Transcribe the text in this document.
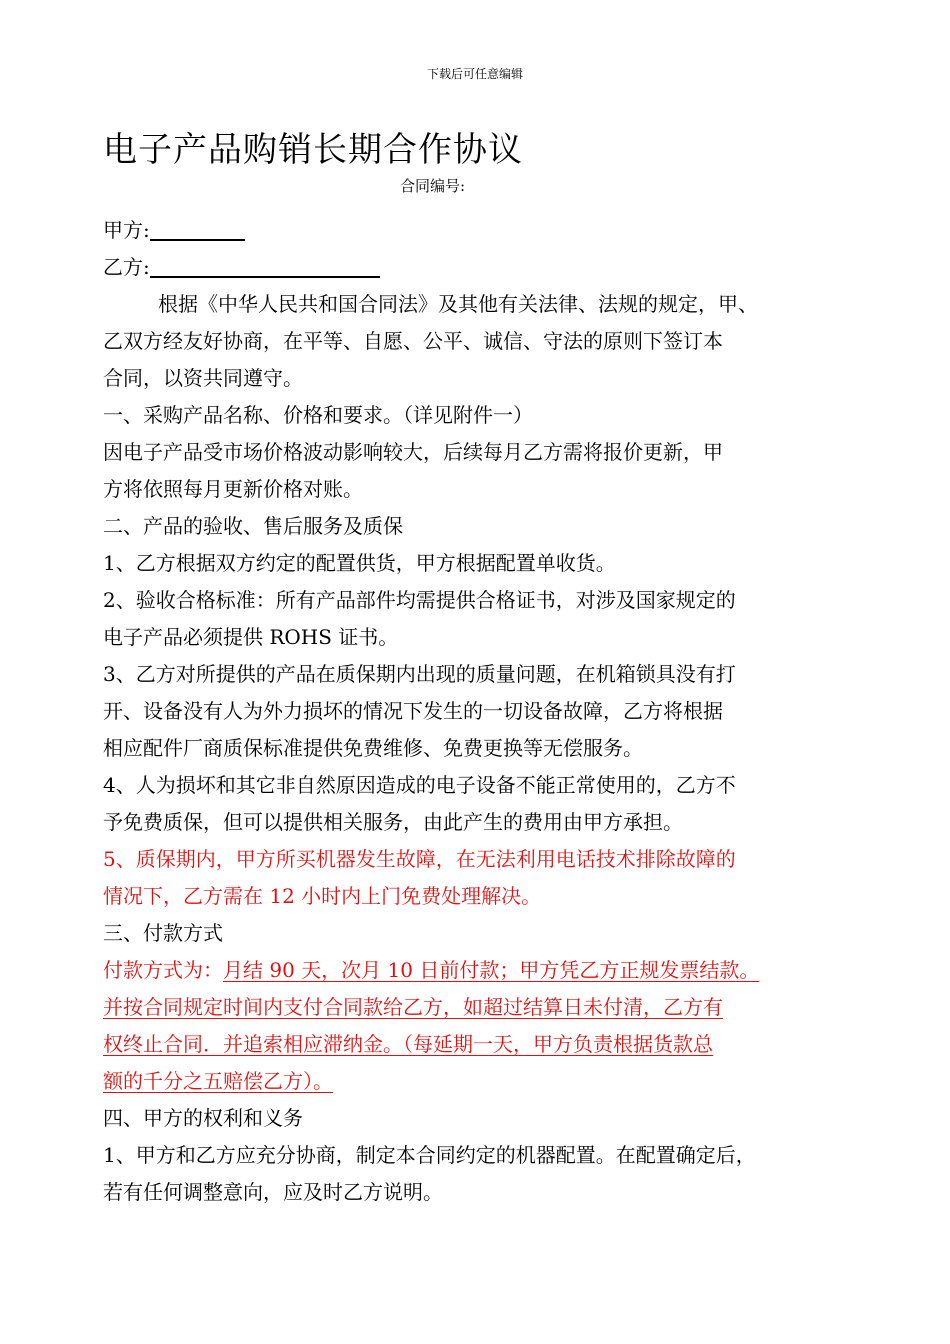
下载后可任意编辑
电子产品购销长期合作协议
合同编号:
甲方:
乙方:
根据《中华人民共和国合同法》及其他有关法律、法规的规定，甲、
乙双方经友好协商，在平等、自愿、公平、诚信、守法的原则下签订本
合同，以资共同遵守。
一、采购产品名称、价格和要求。（详见附件一）
因电子产品受市场价格波动影响较大，后续每月乙方需将报价更新，甲
方将依照每月更新价格对账。
二、产品的验收、售后服务及质保
1、乙方根据双方约定的配置供货，甲方根据配置单收货。
2、验收合格标准：所有产品部件均需提供合格证书，对涉及国家规定的
电子产品必须提供 ROHS 证书。
3、乙方对所提供的产品在质保期内出现的质量问题，在机箱锁具没有打
开、设备没有人为外力损坏的情况下发生的一切设备故障，乙方将根据
相应配件厂商质保标准提供免费维修、免费更换等无偿服务。
4、人为损坏和其它非自然原因造成的电子设备不能正常使用的，乙方不
予免费质保，但可以提供相关服务，由此产生的费用由甲方承担。
5、质保期内，甲方所买机器发生故障，在无法利用电话技术排除故障的
情况下，乙方需在 12 小时内上门免费处理解决。
三、付款方式
付款方式为：月结 90 天，次月 10 日前付款；甲方凭乙方正规发票结款。
并按合同规定时间内支付合同款给乙方，如超过结算日未付清，乙方有
权终止合同．并追索相应滞纳金。（每延期一天，甲方负责根据货款总
额的千分之五赔偿乙方）。
四、甲方的权利和义务
1、甲方和乙方应充分协商，制定本合同约定的机器配置。在配置确定后，
若有任何调整意向，应及时乙方说明。
